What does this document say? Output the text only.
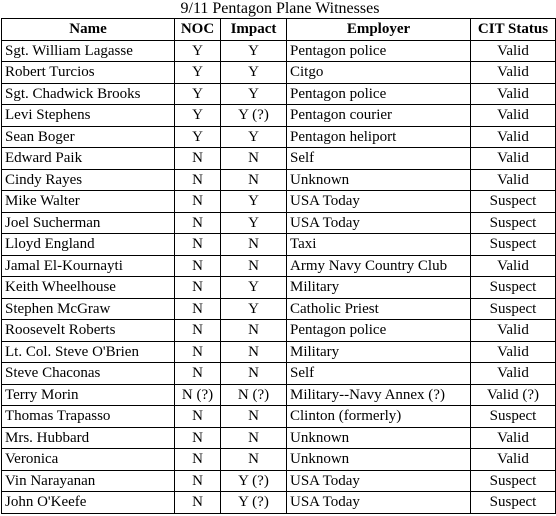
9/11 Pentagon Plane Witnesses
Name	NOC	Impact	Employer	CIT Status
Sgt. William Lagasse	Y	Y	Pentagon police	Valid
Robert Turcios	Y	Y	Citgo	Valid
Sgt. Chadwick Brooks	Y	Y	Pentagon police	Valid
Levi Stephens	Y	Y (?)	Pentagon courier	Valid
Sean Boger	Y	Y	Pentagon heliport	Valid
Edward Paik	N	N	Self	Valid
Cindy Rayes	N	N	Unknown	Valid
Mike Walter	N	Y	USA Today	Suspect
Joel Sucherman	N	Y	USA Today	Suspect
Lloyd England	N	N	Taxi	Suspect
Jamal El-Kournayti	N	N	Army Navy Country Club	Valid
Keith Wheelhouse	N	Y	Military	Suspect
Stephen McGraw	N	Y	Catholic Priest	Suspect
Roosevelt Roberts	N	N	Pentagon police	Valid
Lt. Col. Steve O'Brien	N	N	Military	Valid
Steve Chaconas	N	N	Self	Valid
Terry Morin	N (?)	N (?)	Military--Navy Annex (?)	Valid (?)
Thomas Trapasso	N	N	Clinton (formerly)	Suspect
Mrs. Hubbard	N	N	Unknown	Valid
Veronica	N	N	Unknown	Valid
Vin Narayanan	N	Y (?)	USA Today	Suspect
John O'Keefe	N	Y (?)	USA Today	Suspect
